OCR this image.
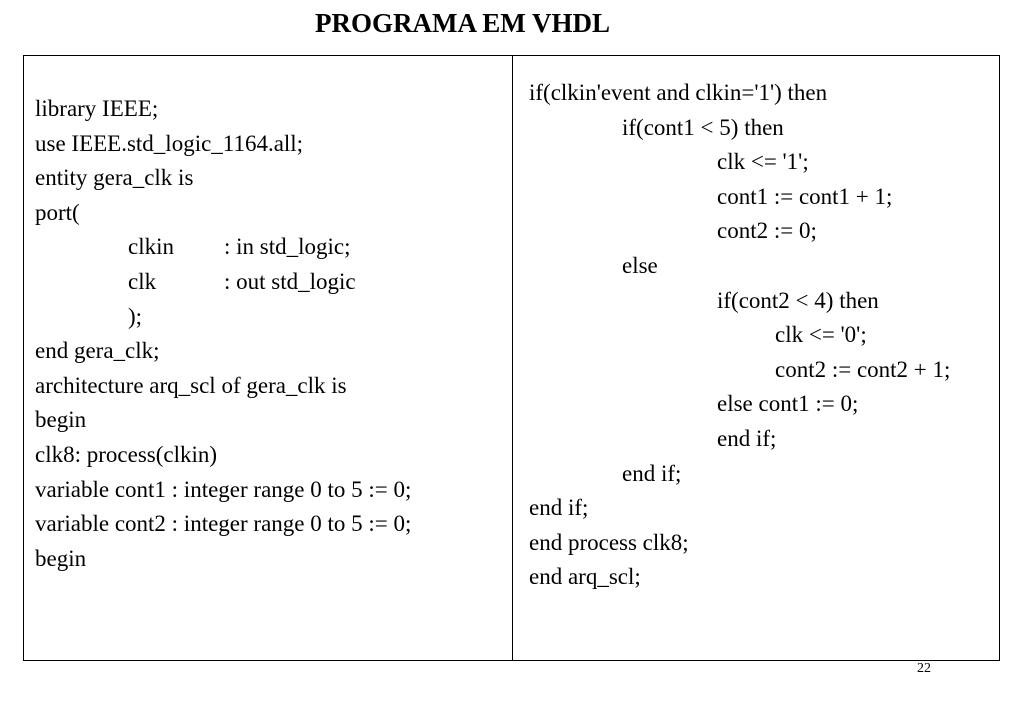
PROGRAMA EM VHDL
library IEEE;
use IEEE.std_logic_1164.all;
entity gera_clk is
port(
clkin : in std_logic;
clk	: out std_logic
);
end gera_clk;
architecture arq_scl of gera_clk is
begin
clk8: process(clkin)
variable cont1 : integer range 0 to 5 := 0;
variable cont2 : integer range 0 to 5 := 0;
begin
if(clkin'event and clkin='1') then
if(cont1 < 5) then
clk <= '1';
cont1 := cont1 + 1;
cont2 := 0;
else
if(cont2 < 4) then
clk <= '0';
cont2 := cont2 + 1;
else cont1 := 0;
end if;
end if;
end if;
end process clk8;
end arq_scl;
22
